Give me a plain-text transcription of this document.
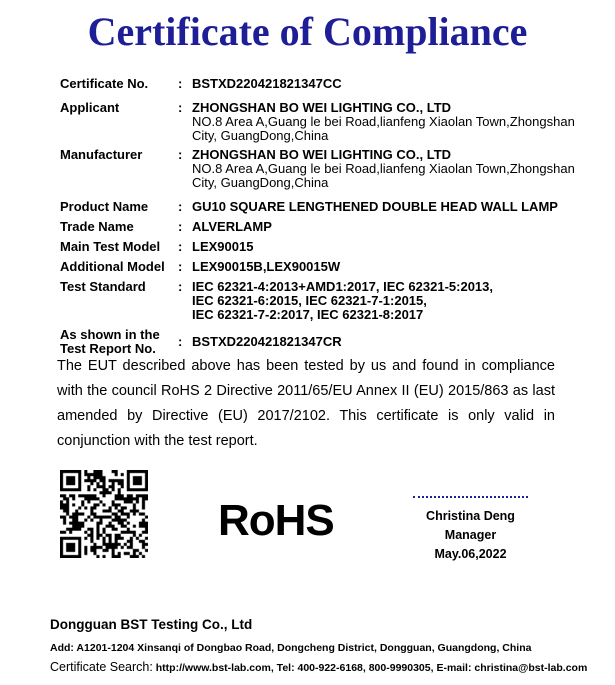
Certificate of Compliance
Certificate No.	: BSTXD220421821347CC
Applicant	: ZHONGSHAN BO WEI LIGHTING CO., LTD
NO.8 Area A,Guang le bei Road,lianfeng Xiaolan Town,Zhongshan
City, GuangDong,China
Manufacturer	: ZHONGSHAN BO WEI LIGHTING CO., LTD
NO.8 Area A,Guang le bei Road,lianfeng Xiaolan Town,Zhongshan
City, GuangDong,China
Product Name	: GU10 SQUARE LENGTHENED DOUBLE HEAD WALL LAMP
Trade Name	: ALVERLAMP
Main Test Model	: LEX90015
Additional Model	: LEX90015B,LEX90015W
Test Standard	: IEC 62321-4:2013+AMD1:2017, IEC 62321-5:2013,
IEC 62321-6:2015, IEC 62321-7-1:2015,
IEC 62321-7-2:2017, IEC 62321-8:2017
As shown in the Test Report No.	: BSTXD220421821347CR
The EUT described above has been tested by us and found in compliance with the council RoHS 2 Directive 2011/65/EU Annex II (EU) 2015/863 as last amended by Directive (EU) 2017/2102. This certificate is only valid in conjunction with the test report.
RoHS	Christina Deng
Manager
May.06,2022
Dongguan BST Testing Co., Ltd
Add: A1201-1204 Xinsanqi of Dongbao Road, Dongcheng District, Dongguan, Guangdong, China
Certificate Search: http://www.bst-lab.com, Tel: 400-922-6168, 800-9990305, E-mail: christina@bst-lab.com
